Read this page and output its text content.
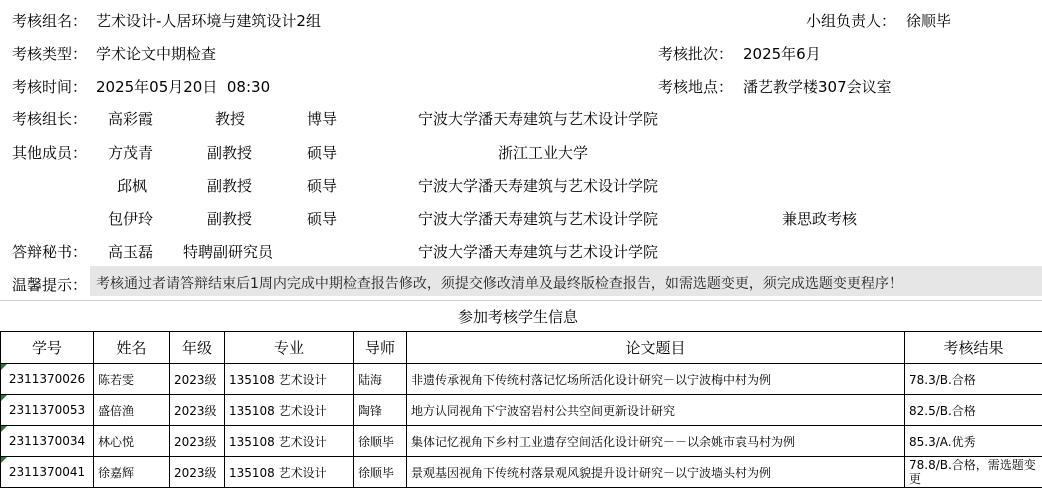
考核组名： 艺术设计-人居环境与建筑设计2组	小组负责人： 徐顺毕
考核类型： 学术论文中期检查	考核批次： 2025年6月
考核时间： 2025年05月20日  08:30	考核地点： 潘艺教学楼307会议室
考核组长： 高彩霞	教授	博导	宁波大学潘天寿建筑与艺术设计学院
其他成员： 方茂青	副教授	硕导	浙江工业大学
邱枫	副教授	硕导	宁波大学潘天寿建筑与艺术设计学院
包伊玲	副教授	硕导	宁波大学潘天寿建筑与艺术设计学院	兼思政考核
答辩秘书： 高玉磊 特聘副研究员	宁波大学潘天寿建筑与艺术设计学院
温馨提示： 考核通过者请答辩结束后1周内完成中期检查报告修改，须提交修改清单及最终版检查报告，如需选题变更，须完成选题变更程序！
参加考核学生信息
学号	姓名	年级	专业	导师	论文题目	考核结果

2311370026	陈若雯	2023级	135108 艺术设计	陆海	非遗传承视角下传统村落记忆场所活化设计研究－以宁波梅中村为例	78.3/B.合格

2311370053	盛倍渔	2023级	135108 艺术设计	陶锋	地方认同视角下宁波窑岩村公共空间更新设计研究	82.5/B.合格

2311370034	林心悦	2023级	135108 艺术设计	徐顺毕	集体记忆视角下乡村工业遗存空间活化设计研究－－以余姚市袁马村为例	85.3/A.优秀

2311370041	徐嘉辉	2023级	135108 艺术设计	徐顺毕	景观基因视角下传统村落景观风貌提升设计研究－以宁波墙头村为例	78.8/B.合格，需选题变更
